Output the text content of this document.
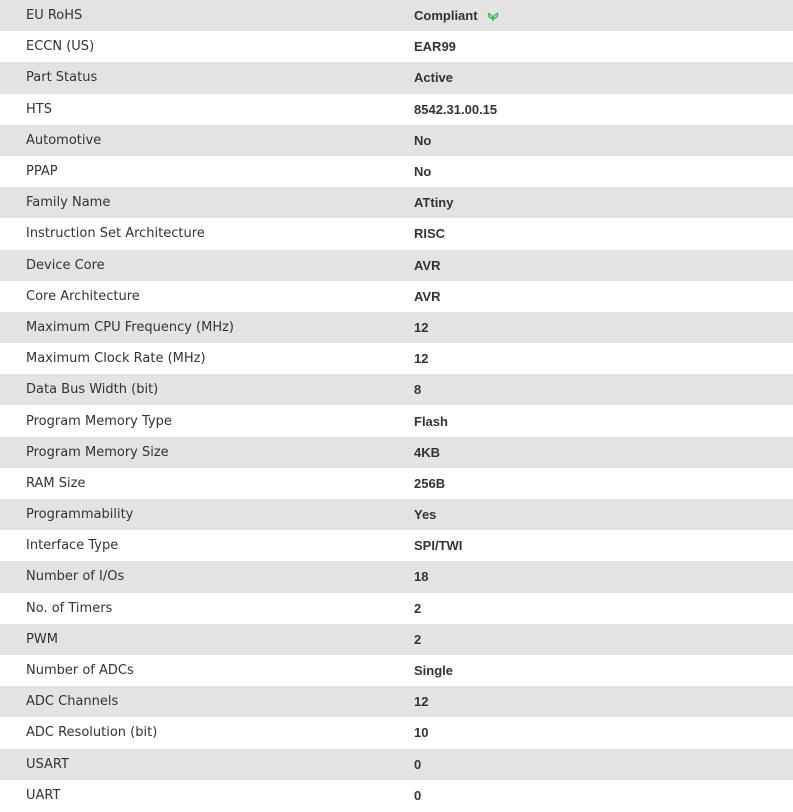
EU RoHS	Compliant
ECCN (US)	EAR99
Part Status	Active
HTS	8542.31.00.15
Automotive	No
PPAP	No
Family Name	ATtiny
Instruction Set Architecture	RISC
Device Core	AVR
Core Architecture	AVR
Maximum CPU Frequency (MHz)	12
Maximum Clock Rate (MHz)	12
Data Bus Width (bit)	8
Program Memory Type	Flash
Program Memory Size	4KB
RAM Size	256B
Programmability	Yes
Interface Type	SPI/TWI
Number of I/Os	18
No. of Timers	2
PWM	2
Number of ADCs	Single
ADC Channels	12
ADC Resolution (bit)	10
USART	0
UART	0
